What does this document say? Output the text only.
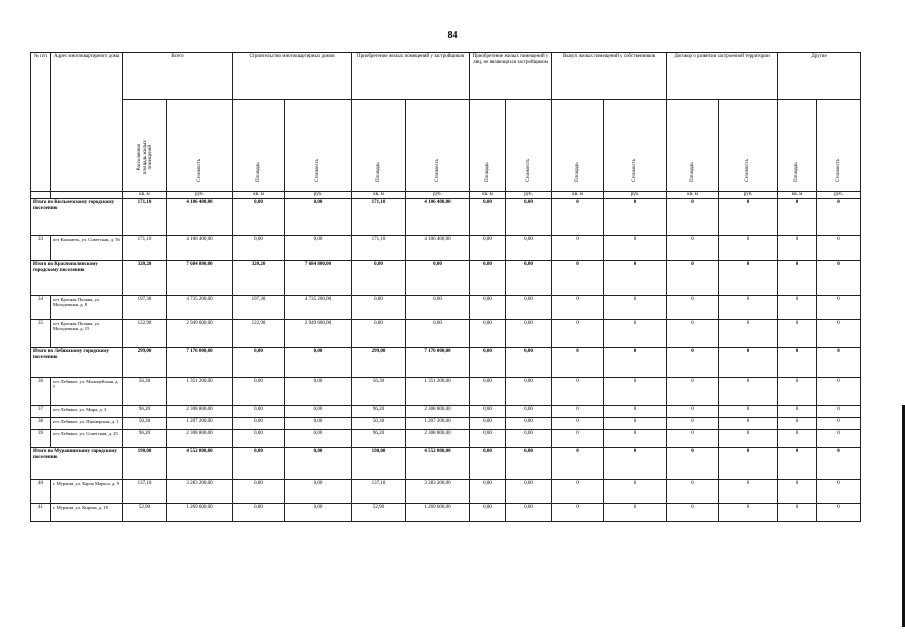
84
№ п/п	Адрес многоквартирного дома	Всего		Строительство многоквартирных домов		Приобретение жилых помещений у застройщиков		Приобретение жилых помещений у лиц, не являющихся застройщиком		Выкуп жилых помещений у собственников		Договор о развитии застроенной территории		Другие	

		Расселяемая площадь жилых помещений	Стоимость	Площадь	Стоимость	Площадь	Стоимость	Площадь	Стоимость	Площадь	Стоимость	Площадь	Стоимость	Площадь	Стоимость

		кв. м	руб.	кв. м	руб.	кв. м	руб.	кв. м	руб.	кв. м	руб.	кв. м	руб.	кв. м	руб.
Итого по Кильмезскому городскому поселению		171,10	4 106 400,00	0,00	0,00	171,10	4 106 400,00	0,00	0,00	0	0	0	0	0	0
33	пгт Кильмезь, ул. Советская, д. 56	171,10	4 106 400,00	0,00	0,00	171,10	4 106 400,00	0,00	0,00	0	0	0	0	0	0
Итого по Краснополянскому городскому поселению		320,20	7 684 800,00	320,20	7 684 800,00	0,00	0,00	0,00	0,00	0	0	0	0	0	0
34	пгт Красная Поляна, ул. Молодежная, д. 8	197,30	4 735 200,00	197,30	4 735 200,00	0,00	0,00	0,00	0,00	0	0	0	0	0	0
35	пгт Красная Поляна, ул. Молодежная, д. 15	122,90	2 949 600,00	122,90	2 949 600,00	0,00	0,00	0,00	0,00	0	0	0	0	0	0
Итого по Лебяжскому городскому поселению		299,00	7 176 000,00	0,00	0,00	299,00	7 176 000,00	0,00	0,00	0	0	0	0	0	0
36	пгт Лебяжье, ул. Милицейская, д. 5	56,30	1 351 200,00	0,00	0,00	56,30	1 351 200,00	0,00	0,00	0	0	0	0	0	0
37	пгт Лебяжье, ул. Мира, д. 3	96,20	2 308 800,00	0,00	0,00	96,20	2 308 800,00	0,00	0,00	0	0	0	0	0	0
38	пгт Лебяжье, ул. Пионерская, д. 1	50,30	1 207 200,00	0,00	0,00	50,30	1 207 200,00	0,00	0,00	0	0	0	0	0	0
39	пгт Лебяжье, ул. Советская, д. 25	96,20	2 308 800,00	0,00	0,00	96,20	2 308 800,00	0,00	0,00	0	0	0	0	0	0
Итого по Мурашинскому городскому поселению		190,00	4 552 800,00	0,00	0,00	190,00	4 552 800,00	0,00	0,00	0	0	0	0	0	0
40	г. Мураши, ул. Карла Маркса, д. 9	137,10	3 283 200,00	0,00	0,00	137,10	3 283 200,00	0,00	0,00	0	0	0	0	0	0
41	г. Мураши, ул. Кирова, д. 19	52,90	1 269 600,00	0,00	0,00	52,90	1 269 600,00	0,00	0,00	0	0	0	0	0	0
